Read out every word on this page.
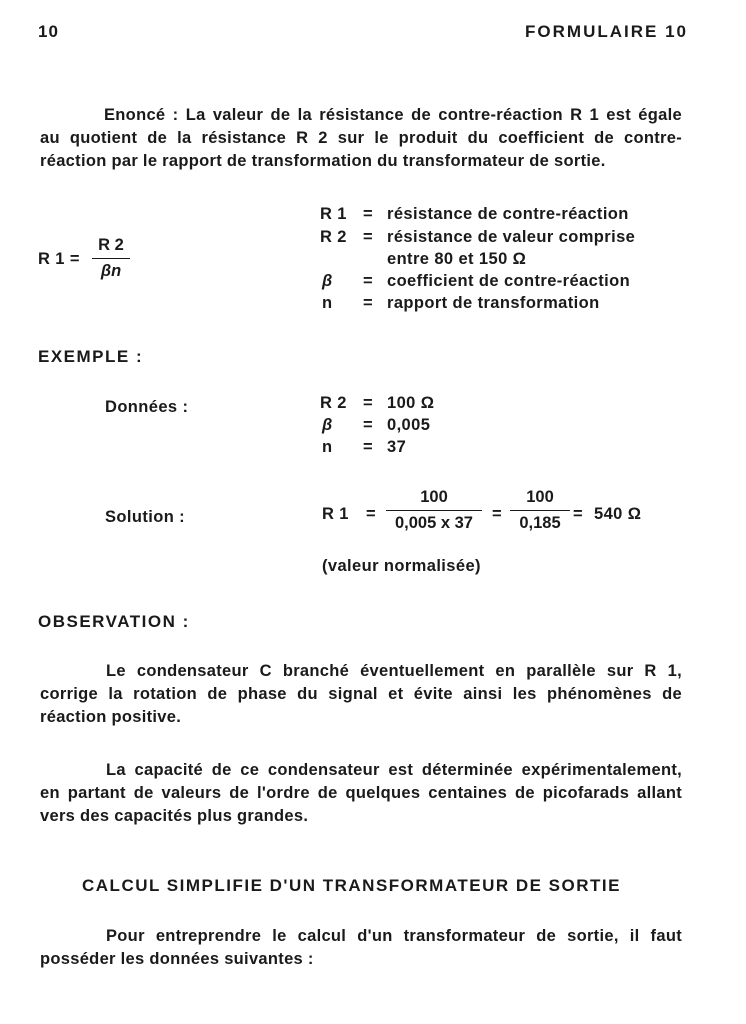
10	FORMULAIRE 10
Enoncé : La valeur de la résistance de contre-réaction R 1 est égale
au quotient de la résistance R 2 sur le produit du coefficient de contre-
réaction par le rapport de transformation du transformateur de sortie.
R 1 =
R 2
βn
R 1 = résistance de contre-réaction
R 2 = résistance de valeur comprise
entre 80 et 150 Ω
β = coefficient de contre-réaction
n = rapport de transformation
EXEMPLE :
Données :	R 2 = 100 Ω
β = 0,005
n = 37
Solution :	R 1 =
100
0,005 x 37	=
100
0,185 = 540 Ω
(valeur normalisée)
OBSERVATION :
Le condensateur C branché éventuellement en parallèle sur R 1,
corrige la rotation de phase du signal et évite ainsi les phénomènes de
réaction positive.
La capacité de ce condensateur est déterminée expérimentalement,
en partant de valeurs de l'ordre de quelques centaines de picofarads allant
vers des capacités plus grandes.
CALCUL SIMPLIFIE D'UN TRANSFORMATEUR DE SORTIE
Pour entreprendre le calcul d'un transformateur de sortie, il faut
posséder les données suivantes :
